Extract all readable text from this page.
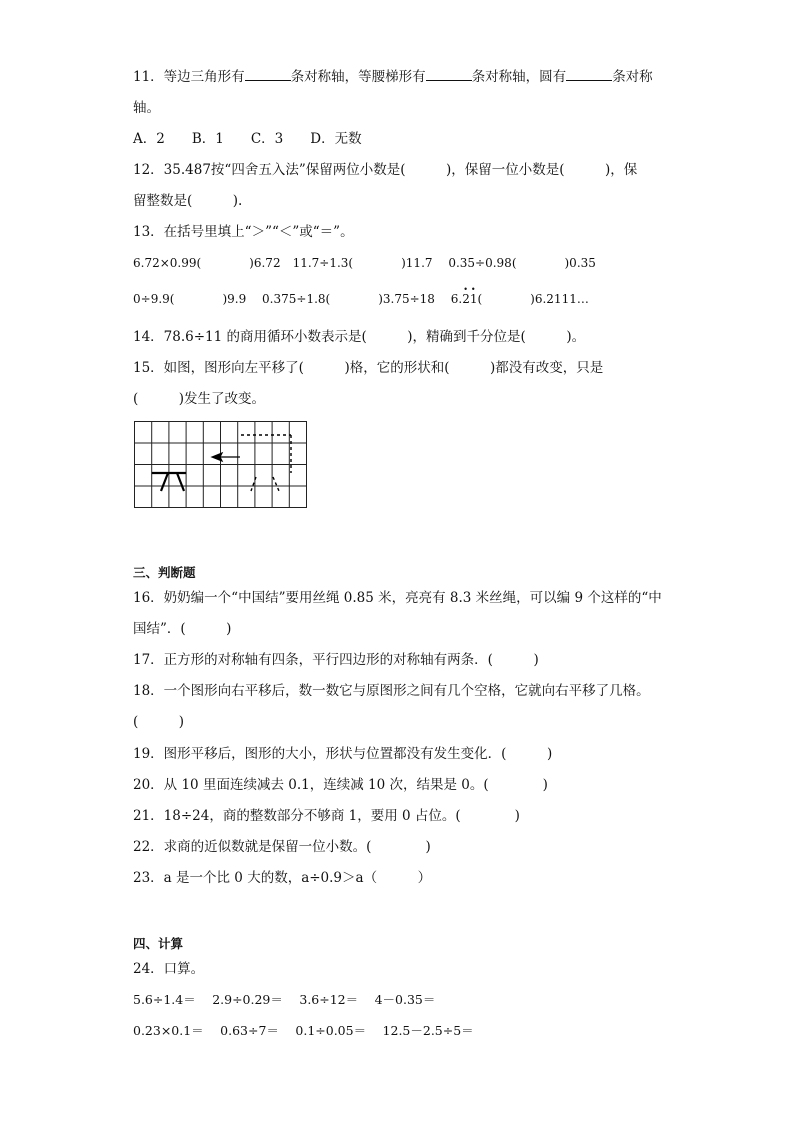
11．等边三角形有	条对称轴，等腰梯形有	条对称轴，圆有	条对称
轴。
A．2　　B．1　　C．3　　D．无数
12．35.487按“四舍五入法”保留两位小数是(　　　)，保留一位小数是(　　　)，保
留整数是(　　　).
13．在括号里填上“＞”“＜”或“＝”。
6.72×0.99(　　　　)6.72　11.7÷1.3(　　　　)11.7　 0.35÷0.98(　　　　)0.35
0÷9.9(　　　　)9.9　 0.375÷1.8(　　　　)3.75÷18　 6.• 2• 1(　　　　)6.2111…
14．78.6÷11 的商用循环小数表示是(　　　)，精确到千分位是(　　　)。
15．如图，图形向左平移了(　　　)格，它的形状和(　　　)都没有改变，只是
(　　　)发生了改变。
三、判断题
16．奶奶编一个“中国结”要用丝绳 0.85 米，亮亮有 8.3 米丝绳，可以编 9 个这样的“中
国结”．(　　　)
17．正方形的对称轴有四条，平行四边形的对称轴有两条．(　　　)
18．一个图形向右平移后，数一数它与原图形之间有几个空格，它就向右平移了几格。
(　　　)
19．图形平移后，图形的大小，形状与位置都没有发生变化．(　　　)
20．从 10 里面连续减去 0.1，连续减 10 次，结果是 0。(　　　　)
21．18÷24，商的整数部分不够商 1，要用 0 占位。(　　　　)
22．求商的近似数就是保留一位小数。(　　　　)
23．a 是一个比 0 大的数，a÷0.9＞a（　　　）
四、计算
24．口算。
5.6÷1.4＝　 2.9÷0.29＝　 3.6÷12＝　 4－0.35＝
0.23×0.1＝　 0.63÷7＝　 0.1÷0.05＝　 12.5－2.5÷5＝
